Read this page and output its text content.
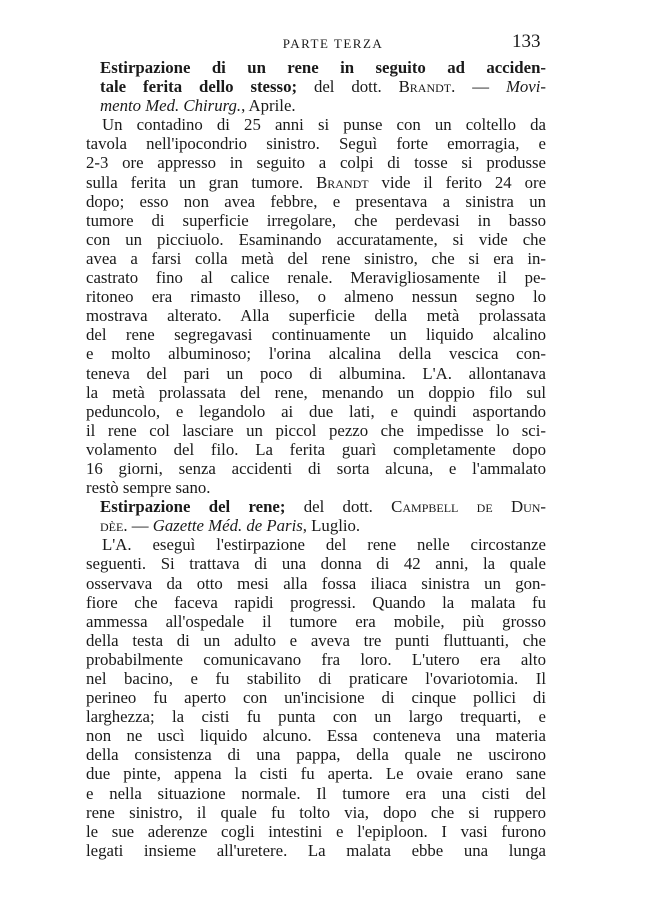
PARTE TERZA	133
Estirpazione di un rene in seguito ad acciden-
tale ferita dello stesso; del dott. Brandt. — Movi-
mento Med. Chirurg., Aprile.
Un contadino di 25 anni si punse con un coltello da
tavola nell'ipocondrio sinistro. Seguì forte emorragia, e
2-3 ore appresso in seguito a colpi di tosse si produsse
sulla ferita un gran tumore. Brandt vide il ferito 24 ore
dopo; esso non avea febbre, e presentava a sinistra un
tumore di superficie irregolare, che perdevasi in basso
con un picciuolo. Esaminando accuratamente, si vide che
avea a farsi colla metà del rene sinistro, che si era in-
castrato fino al calice renale. Meravigliosamente il pe-
ritoneo era rimasto illeso, o almeno nessun segno lo
mostrava alterato. Alla superficie della metà prolassata
del rene segregavasi continuamente un liquido alcalino
e molto albuminoso; l'orina alcalina della vescica con-
teneva del pari un poco di albumina. L'A. allontanava
la metà prolassata del rene, menando un doppio filo sul
peduncolo, e legandolo ai due lati, e quindi asportando
il rene col lasciare un piccol pezzo che impedisse lo sci-
volamento del filo. La ferita guarì completamente dopo
16 giorni, senza accidenti di sorta alcuna, e l'ammalato
restò sempre sano.
Estirpazione del rene; del dott. Campbell de Dun-
dèe. — Gazette Méd. de Paris, Luglio.
L'A. eseguì l'estirpazione del rene nelle circostanze
seguenti. Si trattava di una donna di 42 anni, la quale
osservava da otto mesi alla fossa iliaca sinistra un gon-
fiore che faceva rapidi progressi. Quando la malata fu
ammessa all'ospedale il tumore era mobile, più grosso
della testa di un adulto e aveva tre punti fluttuanti, che
probabilmente comunicavano fra loro. L'utero era alto
nel bacino, e fu stabilito di praticare l'ovariotomia. Il
perineo fu aperto con un'incisione di cinque pollici di
larghezza; la cisti fu punta con un largo trequarti, e
non ne uscì liquido alcuno. Essa conteneva una materia
della consistenza di una pappa, della quale ne uscirono
due pinte, appena la cisti fu aperta. Le ovaie erano sane
e nella situazione normale. Il tumore era una cisti del
rene sinistro, il quale fu tolto via, dopo che si ruppero
le sue aderenze cogli intestini e l'epiploon. I vasi furono
legati insieme all'uretere. La malata ebbe una lunga
